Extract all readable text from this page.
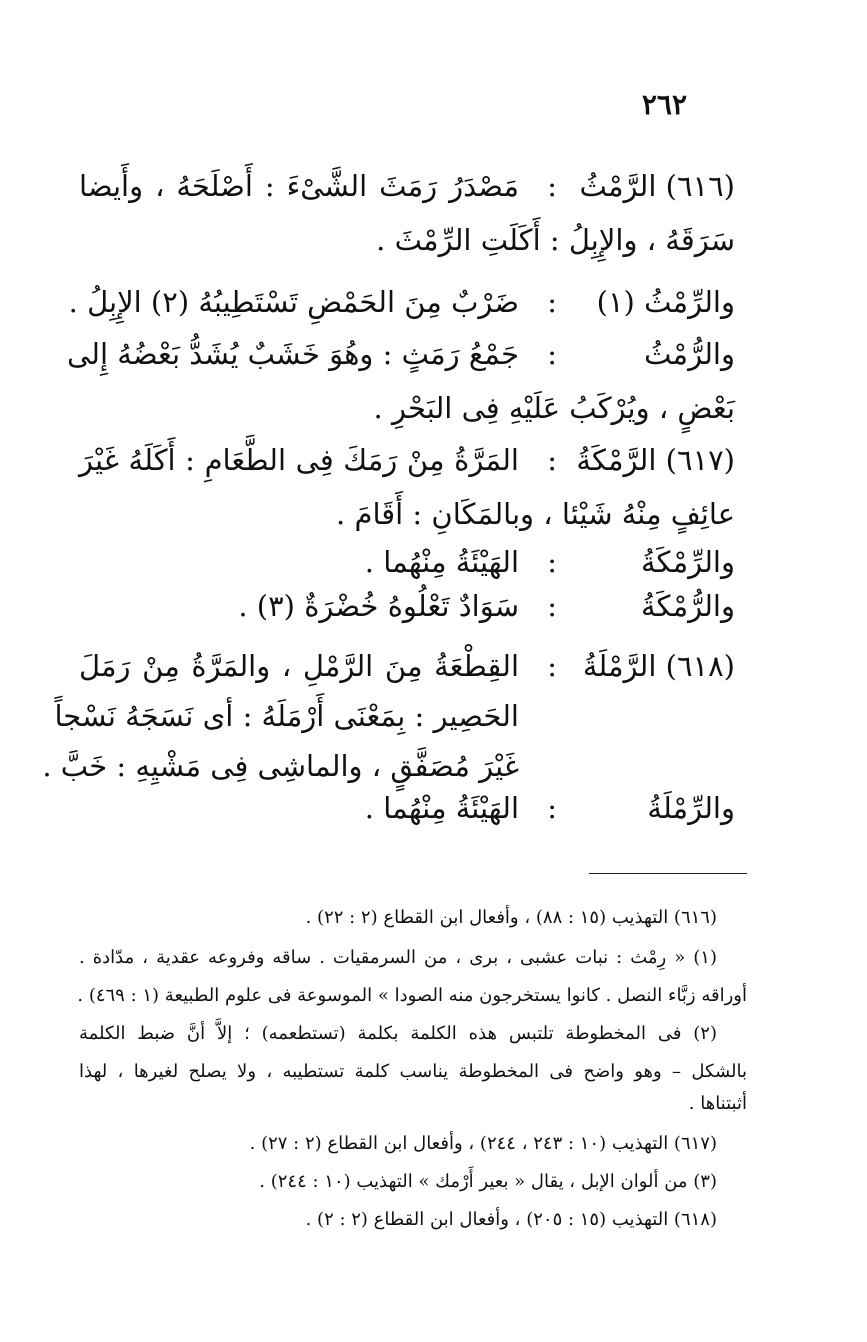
٢٦٢
(٦١٦) الرَّمْثُ
:
مَصْدَرُ رَمَثَ الشَّىْءَ : أَصْلَحَهُ ، وأَيضا
سَرَقَهُ ، والإِبِلُ : أَكَلَتِ الرِّمْثَ .
والرِّمْثُ (١)
:
ضَرْبٌ مِنَ الحَمْضِ تَسْتَطِيبُهُ (٢) الإِبِلُ .
والرُّمْثُ
:
جَمْعُ رَمَثٍ : وهُوَ خَشَبٌ يُشَدُّ بَعْضُهُ إِلى
بَعْضٍ ، ويُرْكَبُ عَلَيْهِ فِى البَحْرِ .
(٦١٧) الرَّمْكَةُ
:
المَرَّةُ مِنْ رَمَكَ فِى الطَّعَامِ : أَكَلَهُ غَيْرَ
عائِفٍ مِنْهُ شَيْئا ، وبالمَكَانِ : أَقَامَ .
والرِّمْكَةُ
:
الهَيْئَةُ مِنْهُما .
والرُّمْكَةُ
:
سَوَادٌ تَعْلُوهُ خُضْرَةٌ (٣) .
(٦١٨) الرَّمْلَةُ
:
القِطْعَةُ مِنَ الرَّمْلِ ، والمَرَّةُ مِنْ رَمَلَ
الحَصِير : بِمَعْنَى أَرْمَلَهُ : أى نَسَجَهُ نَسْجاً
غَيْرَ مُصَفَّقٍ ، والماشِى فِى مَشْيِهِ : خَبَّ .
والرِّمْلَةُ
:
الهَيْئَةُ مِنْهُما .
(٦١٦) التهذيب (١٥ : ٨٨) ، وأفعال ابن القطاع (٢ : ٢٢) .
(١) « رِمْث : نبات عشبى ، برى ، من السرمقيات . ساقه وفروعه عقدية ، مدّادة .
أوراقه زبَّاء النصل . كانوا يستخرجون منه الصودا » الموسوعة فى علوم الطبيعة (١ : ٤٦٩) .
(٢) فى المخطوطة تلتبس هذه الكلمة بكلمة (تستطعمه) ؛ إلاَّ أنَّ ضبط الكلمة
بالشكل – وهو واضح فى المخطوطة يناسب كلمة تستطيبه ، ولا يصلح لغيرها ، لهذا
أثبتناها .
(٦١٧) التهذيب (١٠ : ٢٤٣ ، ٢٤٤) ، وأفعال ابن القطاع (٢ : ٢٧) .
(٣) من ألوان الإبل ، يقال « بعير أَرْمك » التهذيب (١٠ : ٢٤٤) .
(٦١٨) التهذيب (١٥ : ٢٠٥) ، وأفعال ابن القطاع (٢ : ٢) .
